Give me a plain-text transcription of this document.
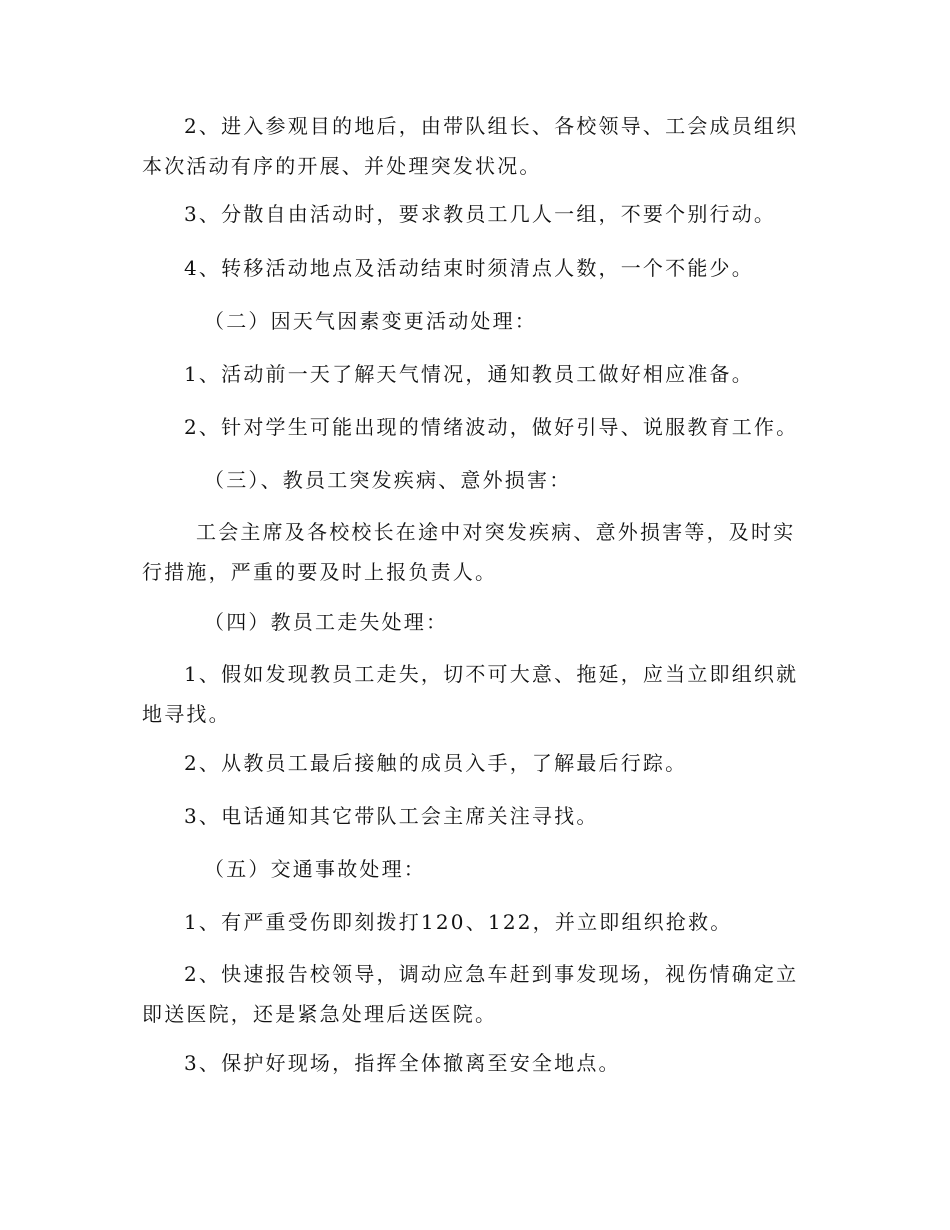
2、进入参观目的地后，由带队组长、各校领导、工会成员组织本次活动有序的开展、并处理突发状况。

3、分散自由活动时，要求教员工几人一组，不要个别行动。

4、转移活动地点及活动结束时须清点人数，一个不能少。

（二）因天气因素变更活动处理：

1、活动前一天了解天气情况，通知教员工做好相应准备。

2、针对学生可能出现的情绪波动，做好引导、说服教育工作。

（三）、教员工突发疾病、意外损害：

工会主席及各校校长在途中对突发疾病、意外损害等，及时实行措施，严重的要及时上报负责人。

（四）教员工走失处理：

1、假如发现教员工走失，切不可大意、拖延，应当立即组织就地寻找。

2、从教员工最后接触的成员入手，了解最后行踪。

3、电话通知其它带队工会主席关注寻找。

（五）交通事故处理：

1、有严重受伤即刻拨打120、122，并立即组织抢救。

2、快速报告校领导，调动应急车赶到事发现场，视伤情确定立即送医院，还是紧急处理后送医院。

3、保护好现场，指挥全体撤离至安全地点。
